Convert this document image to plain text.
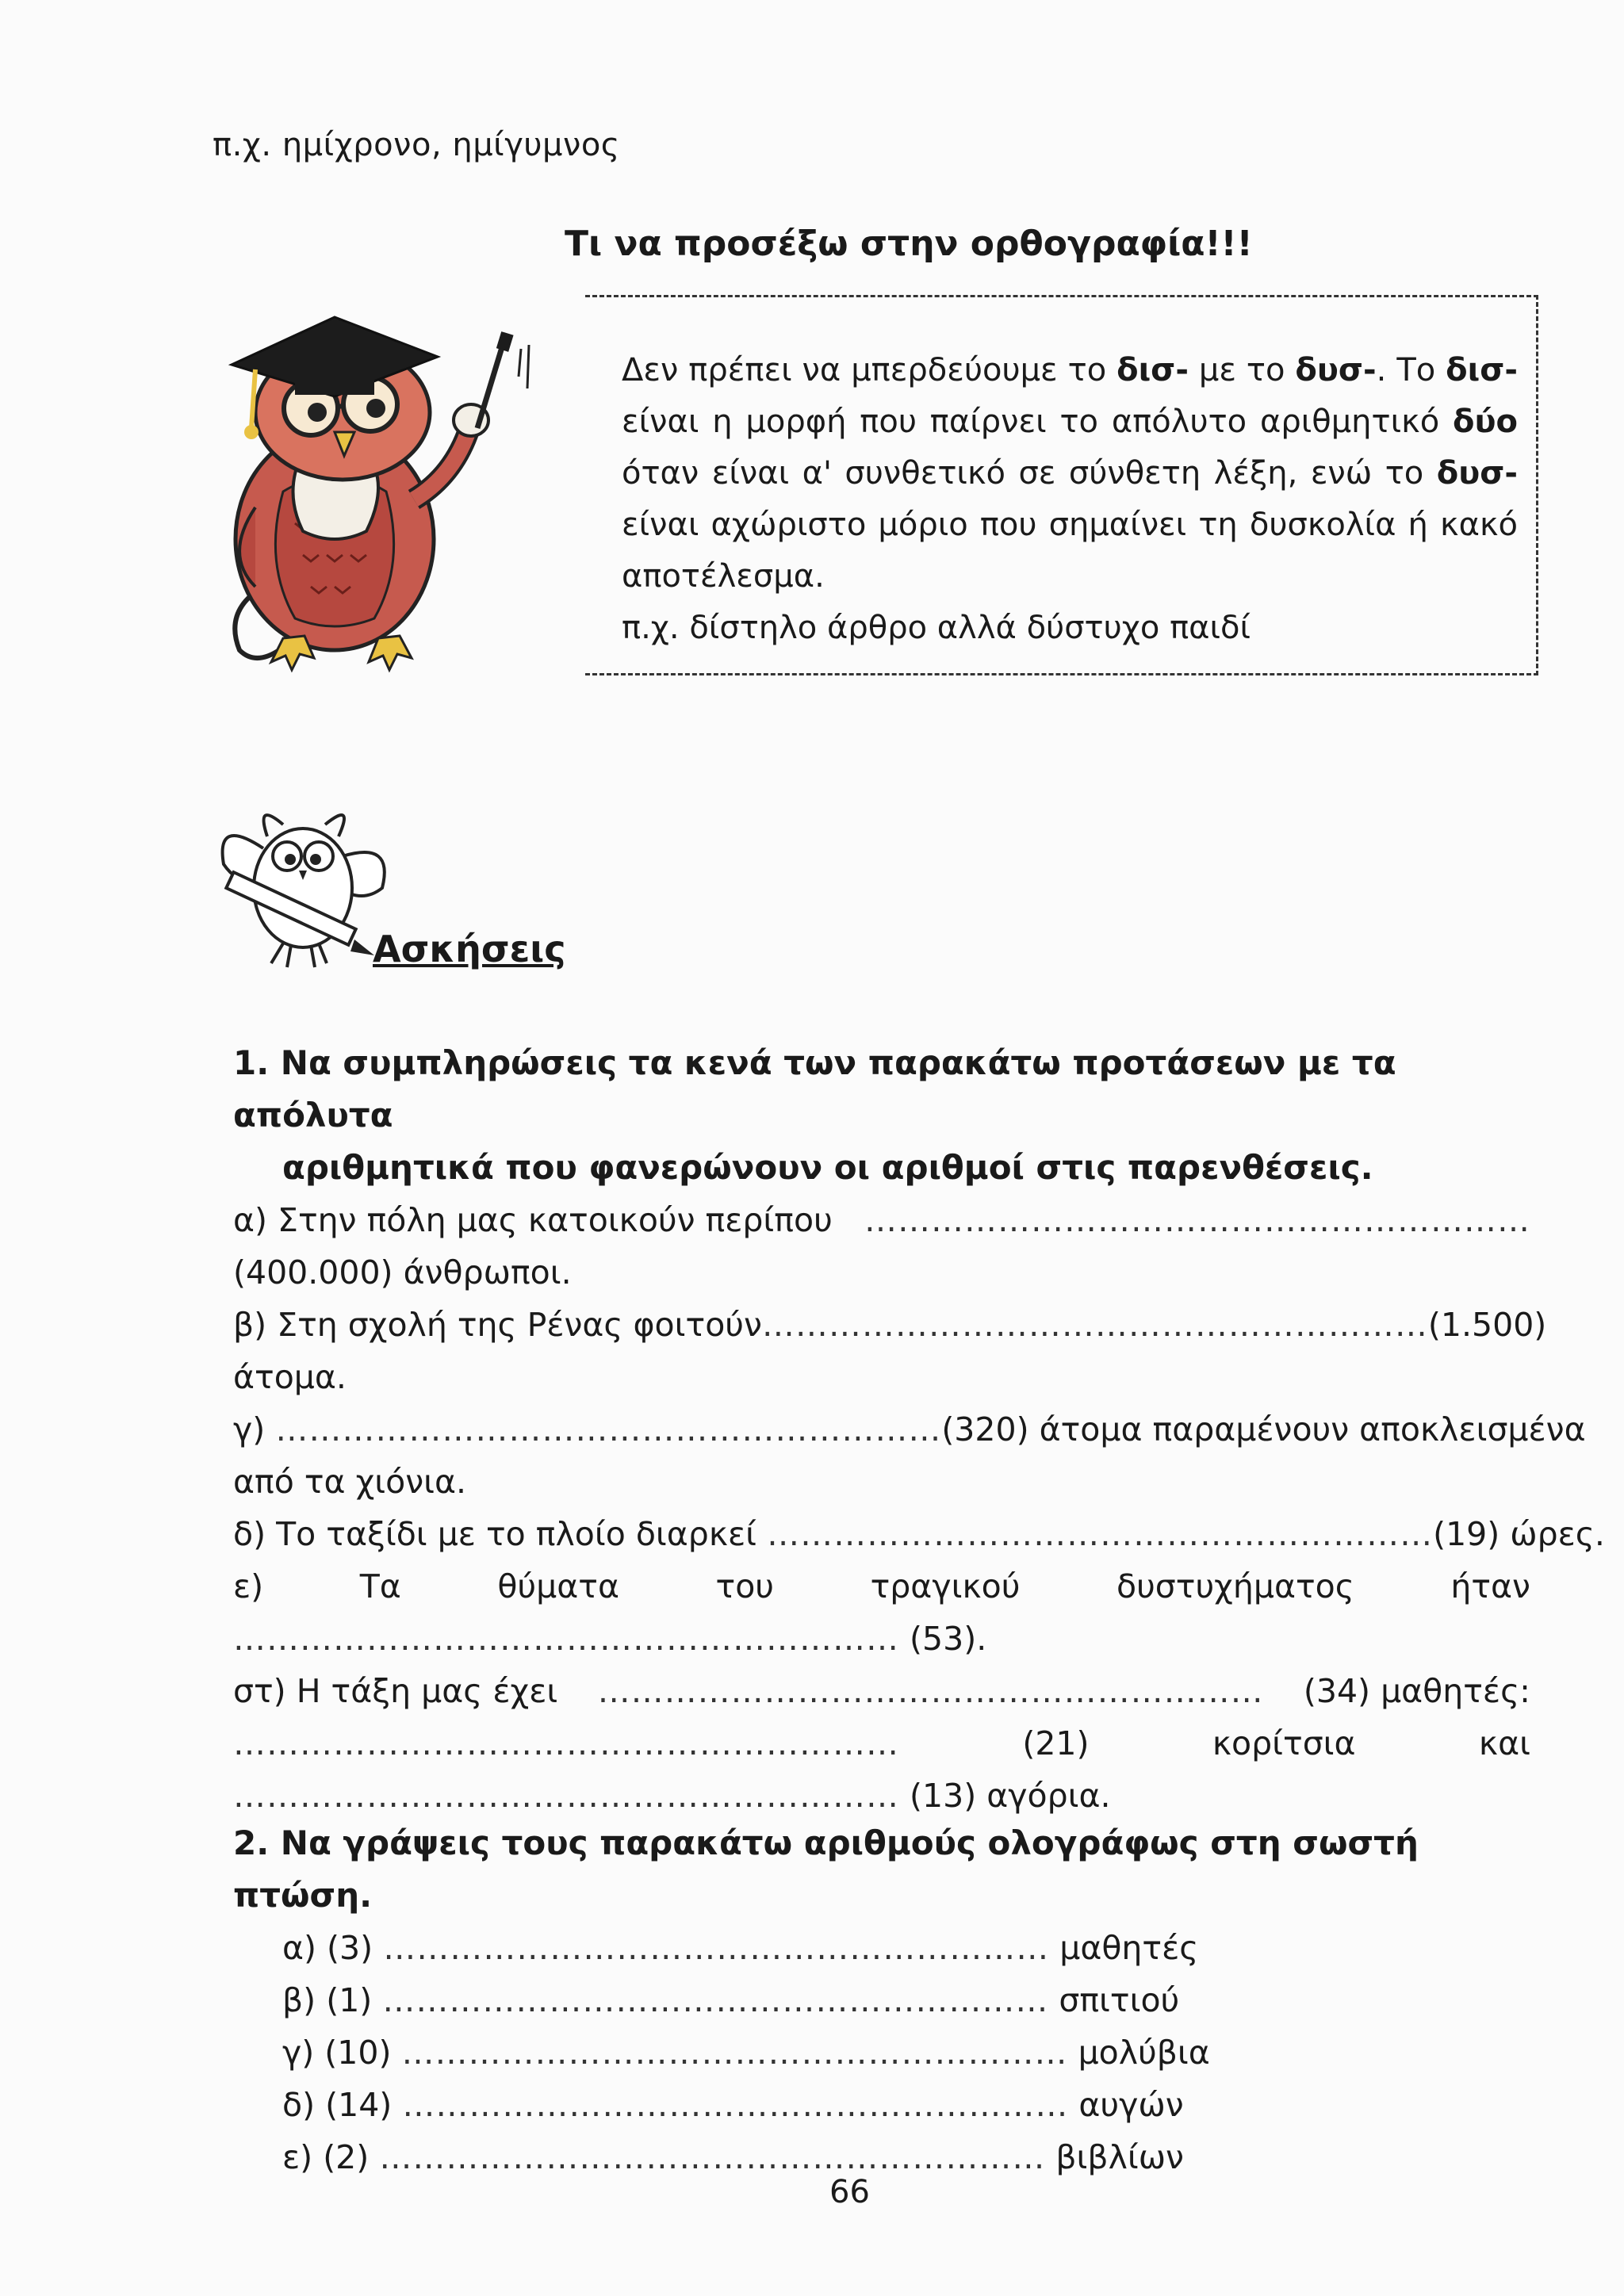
π.χ. ημίχρονο, ημίγυμνος
Τι να προσέξω στην ορθογραφία!!!
Δεν πρέπει να μπερδεύουμε το δισ- με το δυσ-. Το δισ- είναι η μορφή που παίρνει το απόλυτο αριθμητικό δύο όταν είναι α' συνθετικό σε σύνθετη λέξη, ενώ το δυσ- είναι αχώριστο μόριο που σημαίνει τη δυσκολία ή κακό αποτέλεσμα.
π.χ. δίστηλο άρθρο αλλά δύστυχο παιδί
Ασκήσεις
1. Να συμπληρώσεις τα κενά των παρακάτω προτάσεων με τα απόλυτα
αριθμητικά που φανερώνουν οι αριθμοί στις παρενθέσεις.
α) Στην πόλη μας κατοικούν περίπου ……………………………………………………
(400.000) άνθρωποι.
β) Στη σχολή της Ρένας φοιτούν …………………………………………………… (1.500)
άτομα.
γ) …………………………………………………… (320) άτομα παραμένουν αποκλεισμένα
από τα χιόνια.
δ) Το ταξίδι με το πλοίο διαρκεί …………………………………………………… (19) ώρες.
ε)	Τα	θύματα	του	τραγικού	δυστυχήματος	ήταν
…………………………………………………… (53).
στ) Η τάξη μας έχει …………………………………………………… (34) μαθητές:
……………………………………………………	(21)	κορίτσια	και
…………………………………………………… (13) αγόρια.
2. Να γράψεις τους παρακάτω αριθμούς ολογράφως στη σωστή πτώση.
α) (3) …………………………………………………… μαθητές
β) (1) …………………………………………………… σπιτιού
γ) (10) …………………………………………………… μολύβια
δ) (14) …………………………………………………… αυγών
ε) (2) …………………………………………………… βιβλίων
66
